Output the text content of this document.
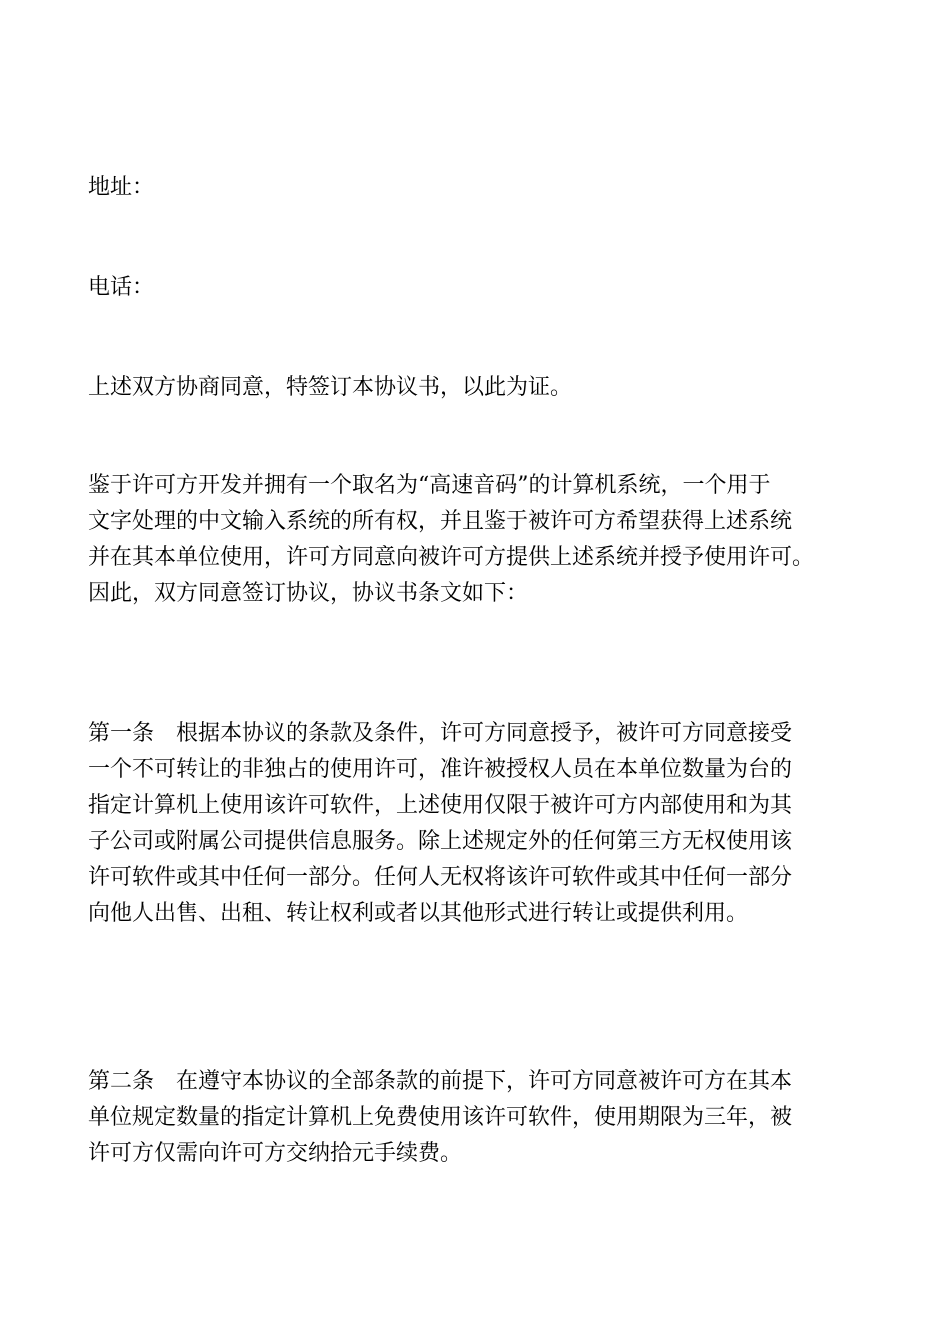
地址：

电话：

上述双方协商同意，特签订本协议书，以此为证。

鉴于许可方开发并拥有一个取名为“高速音码”的计算机系统，一个用于
文字处理的中文输入系统的所有权，并且鉴于被许可方希望获得上述系统
并在其本单位使用，许可方同意向被许可方提供上述系统并授予使用许可。
因此，双方同意签订协议，协议书条文如下：

第一条　根据本协议的条款及条件，许可方同意授予，被许可方同意接受
一个不可转让的非独占的使用许可，准许被授权人员在本单位数量为台的
指定计算机上使用该许可软件，上述使用仅限于被许可方内部使用和为其
子公司或附属公司提供信息服务。除上述规定外的任何第三方无权使用该
许可软件或其中任何一部分。任何人无权将该许可软件或其中任何一部分
向他人出售、出租、转让权利或者以其他形式进行转让或提供利用。

第二条　在遵守本协议的全部条款的前提下，许可方同意被许可方在其本
单位规定数量的指定计算机上免费使用该许可软件，使用期限为三年，被
许可方仅需向许可方交纳拾元手续费。
